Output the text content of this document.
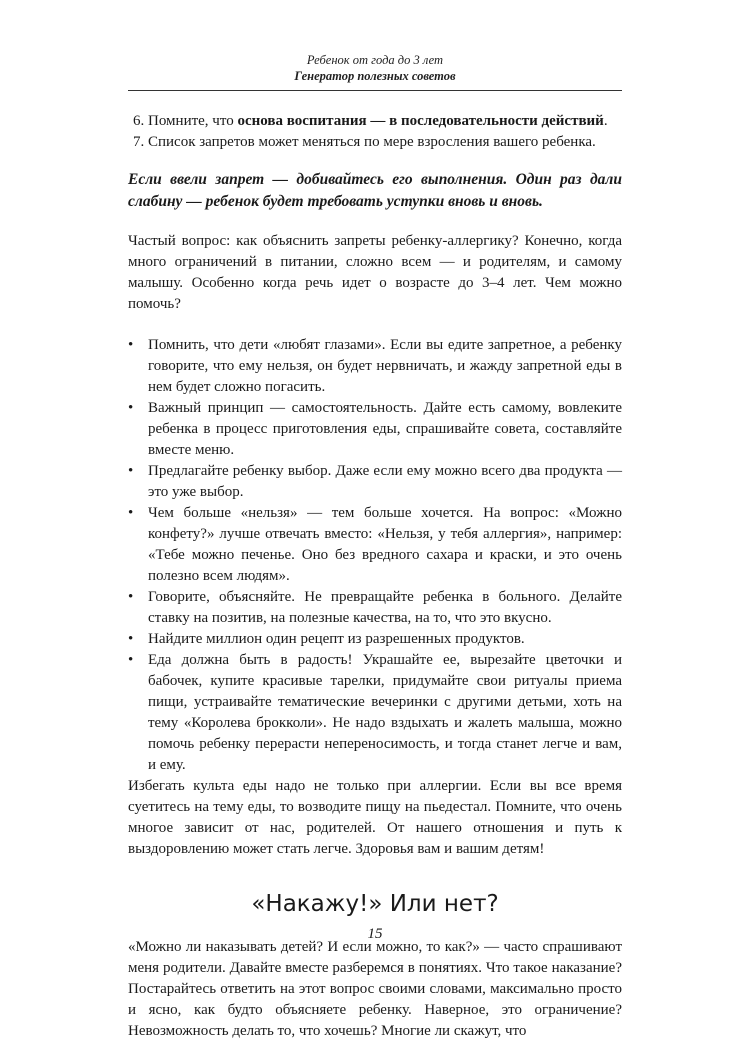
Ребенок от года до 3 лет
Генератор полезных советов
6. Помните, что основа воспитания — в последовательности действий.
7. Список запретов может меняться по мере взросления вашего ребенка.

Если ввели запрет — добивайтесь его выполнения. Один раз дали слабину — ребенок будет требовать уступки вновь и вновь.

Частый вопрос: как объяснить запреты ребенку-аллергику? Конечно, когда много ограничений в питании, сложно всем — и родителям, и самому малышу. Особенно когда речь идет о возрасте до 3–4 лет. Чем можно помочь?

• Помнить, что дети «любят глазами». Если вы едите запретное, а ребенку говорите, что ему нельзя, он будет нервничать, и жажду запретной еды в нем будет сложно погасить.
• Важный принцип — самостоятельность. Дайте есть самому, вовлеките ребенка в процесс приготовления еды, спрашивайте совета, составляйте вместе меню.
• Предлагайте ребенку выбор. Даже если ему можно всего два продукта — это уже выбор.
• Чем больше «нельзя» — тем больше хочется. На вопрос: «Можно конфету?» лучше отвечать вместо: «Нельзя, у тебя аллергия», например: «Тебе можно печенье. Оно без вредного сахара и краски, и это очень полезно всем людям».
• Говорите, объясняйте. Не превращайте ребенка в больного. Делайте ставку на позитив, на полезные качества, на то, что это вкусно.
• Найдите миллион один рецепт из разрешенных продуктов.
• Еда должна быть в радость! Украшайте ее, вырезайте цветочки и бабочек, купите красивые тарелки, придумайте свои ритуалы приема пищи, устраивайте тематические вечеринки с другими детьми, хоть на тему «Королева брокколи». Не надо вздыхать и жалеть малыша, можно помочь ребенку перерасти непереносимость, и тогда станет легче и вам, и ему.

Избегать культа еды надо не только при аллергии. Если вы все время суетитесь на тему еды, то возводите пищу на пьедестал. Помните, что очень многое зависит от нас, родителей. От нашего отношения и путь к выздоровлению может стать легче. Здоровья вам и вашим детям!

«Накажу!» Или нет?

«Можно ли наказывать детей? И если можно, то как?» — часто спрашивают меня родители. Давайте вместе разберемся в понятиях. Что такое наказание? Постарайтесь ответить на этот вопрос своими словами, максимально просто и ясно, как будто объясняете ребенку. Наверное, это ограничение? Невозможность делать то, что хочешь? Многие ли скажут, что

15
